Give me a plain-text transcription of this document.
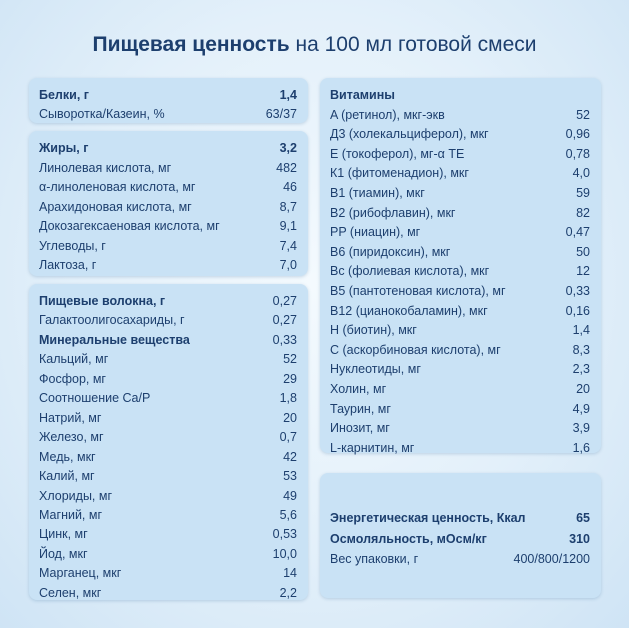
Пищевая ценность на 100 мл готовой смеси
Белки, г	1,4
Сыворотка/Казеин, %	63/37
Жиры, г	3,2
Линолевая кислота, мг	482
α-линоленовая кислота, мг	46
Арахидоновая кислота, мг	8,7
Докозагексаеновая кислота, мг	9,1
Углеводы, г	7,4
Лактоза, г	7,0
Пищевые волокна, г	0,27
Галактоолигосахариды, г	0,27
Минеральные вещества	0,33
Кальций, мг	52
Фосфор, мг	29
Соотношение Ca/P	1,8
Натрий, мг	20
Железо, мг	0,7
Медь, мкг	42
Калий, мг	53
Хлориды, мг	49
Магний, мг	5,6
Цинк, мг	0,53
Йод, мкг	10,0
Марганец, мкг	14
Селен, мкг	2,2
Витамины
A (ретинол), мкг-экв	52
Д3 (холекальциферол), мкг	0,96
E (токоферол), мг-α TE	0,78
К1 (фитоменадион), мкг	4,0
В1 (тиамин), мкг	59
В2 (рибофлавин), мкг	82
PP (ниацин), мг	0,47
В6 (пиридоксин), мкг	50
Вс (фолиевая кислота), мкг	12
В5 (пантотеновая кислота), мг	0,33
В12 (цианокобаламин), мкг	0,16
Н (биотин), мкг	1,4
С (аскорбиновая кислота), мг	8,3
Нуклеотиды, мг	2,3
Холин, мг	20
Таурин, мг	4,9
Инозит, мг	3,9
L-карнитин, мг	1,6
Энергетическая ценность, Ккал	65
Осмоляльность, мОсм/кг	310
Вес упаковки, г	400/800/1200
